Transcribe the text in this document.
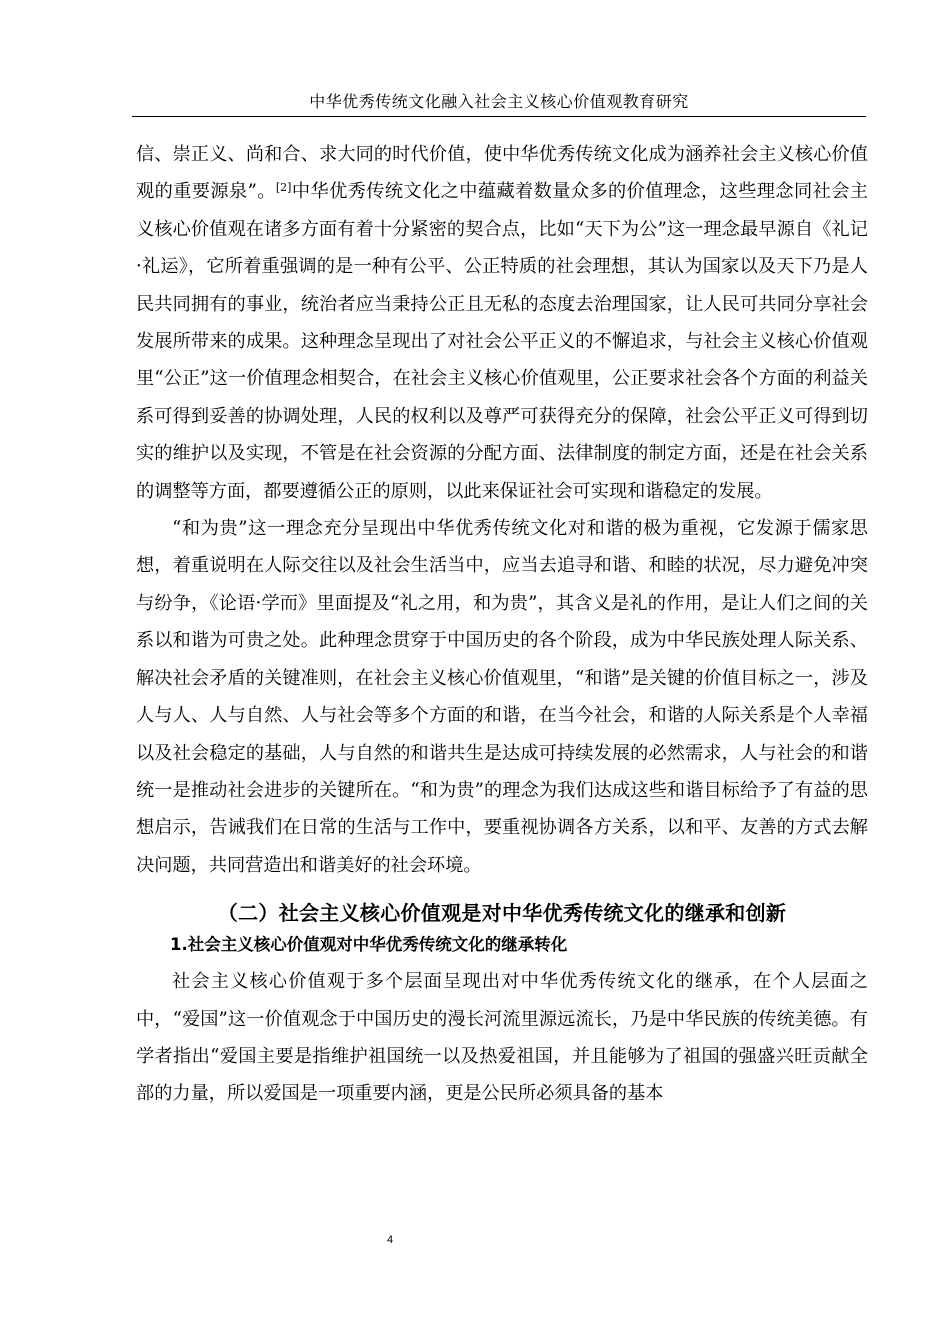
中华优秀传统文化融入社会主义核心价值观教育研究

信、崇正义、尚和合、求大同的时代价值，使中华优秀传统文化成为涵养社会主义核心价值观的重要源泉”。[2]中华优秀传统文化之中蕴藏着数量众多的价值理念，这些理念同社会主义核心价值观在诸多方面有着十分紧密的契合点，比如“天下为公”这一理念最早源自《礼记·礼运》，它所着重强调的是一种有公平、公正特质的社会理想，其认为国家以及天下乃是人民共同拥有的事业，统治者应当秉持公正且无私的态度去治理国家，让人民可共同分享社会发展所带来的成果。这种理念呈现出了对社会公平正义的不懈追求，与社会主义核心价值观里“公正”这一价值理念相契合，在社会主义核心价值观里，公正要求社会各个方面的利益关系可得到妥善的协调处理，人民的权利以及尊严可获得充分的保障，社会公平正义可得到切实的维护以及实现，不管是在社会资源的分配方面、法律制度的制定方面，还是在社会关系的调整等方面，都要遵循公正的原则，以此来保证社会可实现和谐稳定的发展。

“和为贵”这一理念充分呈现出中华优秀传统文化对和谐的极为重视，它发源于儒家思想，着重说明在人际交往以及社会生活当中，应当去追寻和谐、和睦的状况，尽力避免冲突与纷争，《论语·学而》里面提及“礼之用，和为贵”，其含义是礼的作用，是让人们之间的关系以和谐为可贵之处。此种理念贯穿于中国历史的各个阶段，成为中华民族处理人际关系、解决社会矛盾的关键准则，在社会主义核心价值观里，“和谐”是关键的价值目标之一，涉及人与人、人与自然、人与社会等多个方面的和谐，在当今社会，和谐的人际关系是个人幸福以及社会稳定的基础，人与自然的和谐共生是达成可持续发展的必然需求，人与社会的和谐统一是推动社会进步的关键所在。“和为贵”的理念为我们达成这些和谐目标给予了有益的思想启示，告诫我们在日常的生活与工作中，要重视协调各方关系，以和平、友善的方式去解决问题，共同营造出和谐美好的社会环境。

（二）社会主义核心价值观是对中华优秀传统文化的继承和创新
1.社会主义核心价值观对中华优秀传统文化的继承转化

社会主义核心价值观于多个层面呈现出对中华优秀传统文化的继承，在个人层面之中，“爱国”这一价值观念于中国历史的漫长河流里源远流长，乃是中华民族的传统美德。有学者指出“爱国主要是指维护祖国统一以及热爱祖国，并且能够为了祖国的强盛兴旺贡献全部的力量，所以爱国是一项重要内涵，更是公民所必须具备的基本

4
